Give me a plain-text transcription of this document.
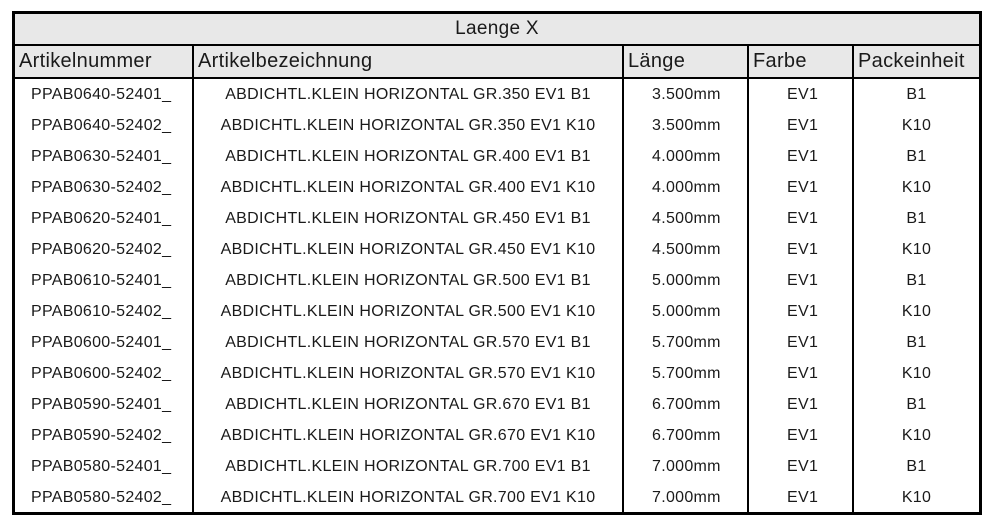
Laenge X				
Artikelnummer	Artikelbezeichnung	Länge	Farbe	Packeinheit
PPAB0640-52401_	ABDICHTL.KLEIN HORIZONTAL GR.350 EV1 B1	3.500mm	EV1	B1
PPAB0640-52402_	ABDICHTL.KLEIN HORIZONTAL GR.350 EV1 K10	3.500mm	EV1	K10
PPAB0630-52401_	ABDICHTL.KLEIN HORIZONTAL GR.400 EV1 B1	4.000mm	EV1	B1
PPAB0630-52402_	ABDICHTL.KLEIN HORIZONTAL GR.400 EV1 K10	4.000mm	EV1	K10
PPAB0620-52401_	ABDICHTL.KLEIN HORIZONTAL GR.450 EV1 B1	4.500mm	EV1	B1
PPAB0620-52402_	ABDICHTL.KLEIN HORIZONTAL GR.450 EV1 K10	4.500mm	EV1	K10
PPAB0610-52401_	ABDICHTL.KLEIN HORIZONTAL GR.500 EV1 B1	5.000mm	EV1	B1
PPAB0610-52402_	ABDICHTL.KLEIN HORIZONTAL GR.500 EV1 K10	5.000mm	EV1	K10
PPAB0600-52401_	ABDICHTL.KLEIN HORIZONTAL GR.570 EV1 B1	5.700mm	EV1	B1
PPAB0600-52402_	ABDICHTL.KLEIN HORIZONTAL GR.570 EV1 K10	5.700mm	EV1	K10
PPAB0590-52401_	ABDICHTL.KLEIN HORIZONTAL GR.670 EV1 B1	6.700mm	EV1	B1
PPAB0590-52402_	ABDICHTL.KLEIN HORIZONTAL GR.670 EV1 K10	6.700mm	EV1	K10
PPAB0580-52401_	ABDICHTL.KLEIN HORIZONTAL GR.700 EV1 B1	7.000mm	EV1	B1
PPAB0580-52402_	ABDICHTL.KLEIN HORIZONTAL GR.700 EV1 K10	7.000mm	EV1	K10
